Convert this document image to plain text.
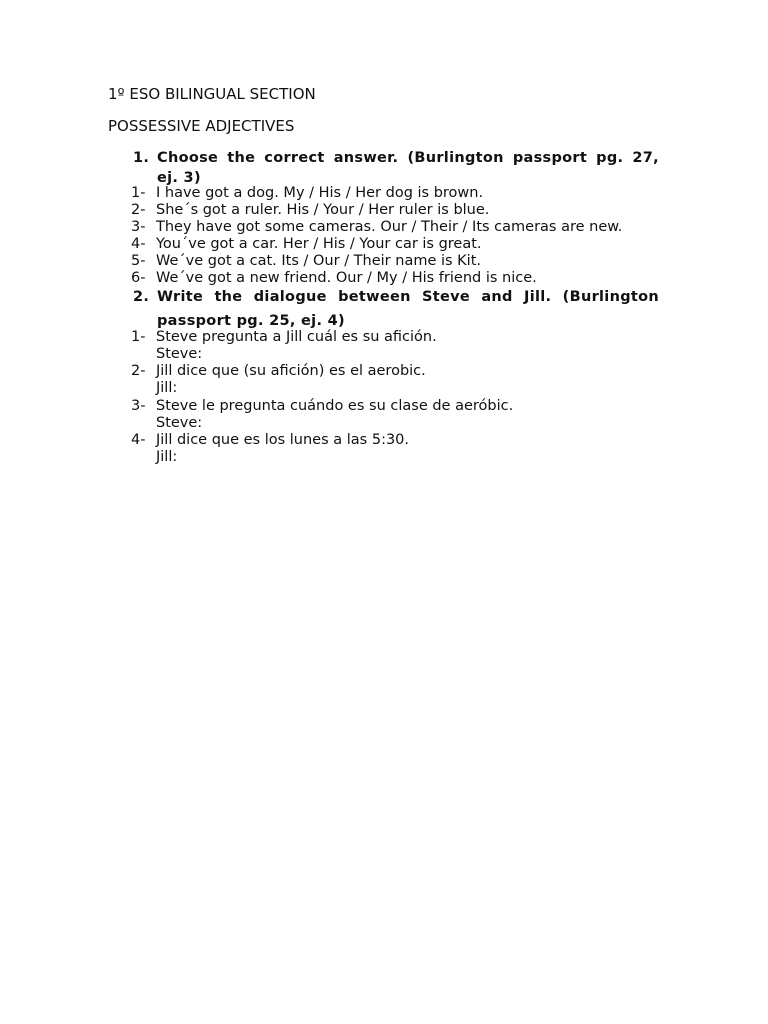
1º ESO BILINGUAL SECTION
POSSESSIVE ADJECTIVES
1. Choose the correct answer. (Burlington passport pg. 27,
ej. 3)
1- I have got a dog. My / His / Her dog is brown.
2- She´s got a ruler. His / Your / Her ruler is blue.
3- They have got some cameras. Our / Their / Its cameras are new.
4- You´ve got a car. Her / His / Your car is great.
5- We´ve got a cat. Its / Our / Their name is Kit.
6- We´ve got a new friend. Our / My / His friend is nice.
2. Write the dialogue between Steve and Jill. (Burlington
passport pg. 25, ej. 4)
1- Steve pregunta a Jill cuál es su afición.
Steve:
2- Jill dice que (su afición) es el aerobic.
Jill:
3- Steve le pregunta cuándo es su clase de aeróbic.
Steve:
4- Jill dice que es los lunes a las 5:30.
Jill:
